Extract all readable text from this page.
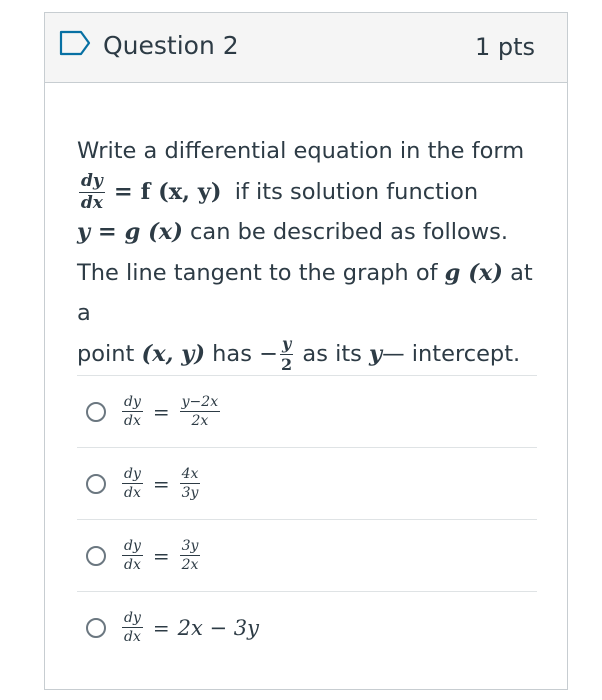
Question 2	1 pts
Write a differential equation in the form
$\frac{dy}{dx} = f$ (x, y) if its solution function
y = g (x) can be described as follows.
The line tangent to the graph of g (x) at a
point (x, y) has − $\frac{y}{2}$ as its y— intercept.
$\frac{dy}{dx} = \frac{y-2x}{2x}$
$\frac{dy}{dx} = \frac{4x}{3y}$
$\frac{dy}{dx} = \frac{3y}{2x}$
$\frac{dy}{dx} = 2x - 3y$
